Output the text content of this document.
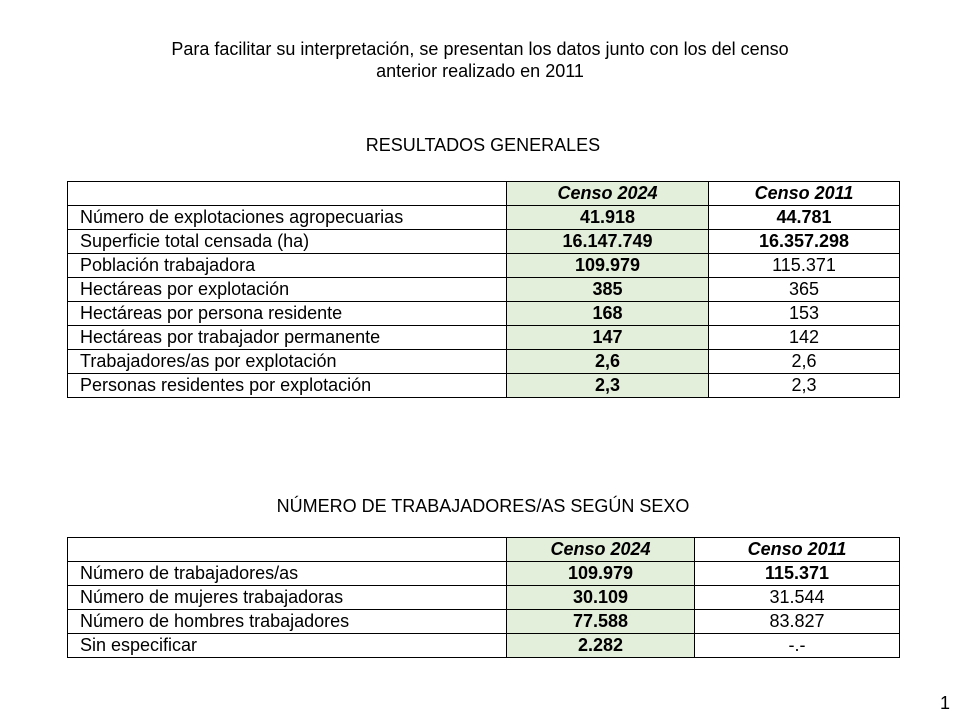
Para facilitar su interpretación, se presentan los datos junto con los del censo
anterior realizado en 2011
RESULTADOS GENERALES
	Censo 2024	Censo 2011
Número de explotaciones agropecuarias	41.918	44.781
Superficie total censada (ha)	16.147.749	16.357.298
Población trabajadora	109.979	115.371
Hectáreas por explotación	385	365
Hectáreas por persona residente	168	153
Hectáreas por trabajador permanente	147	142
Trabajadores/as por explotación	2,6	2,6
Personas residentes por explotación	2,3	2,3
NÚMERO DE TRABAJADORES/AS SEGÚN SEXO
	Censo 2024	Censo 2011
Número de trabajadores/as	109.979	115.371
Número de mujeres trabajadoras	30.109	31.544
Número de hombres trabajadores	77.588	83.827
Sin especificar	2.282	-.-
1
